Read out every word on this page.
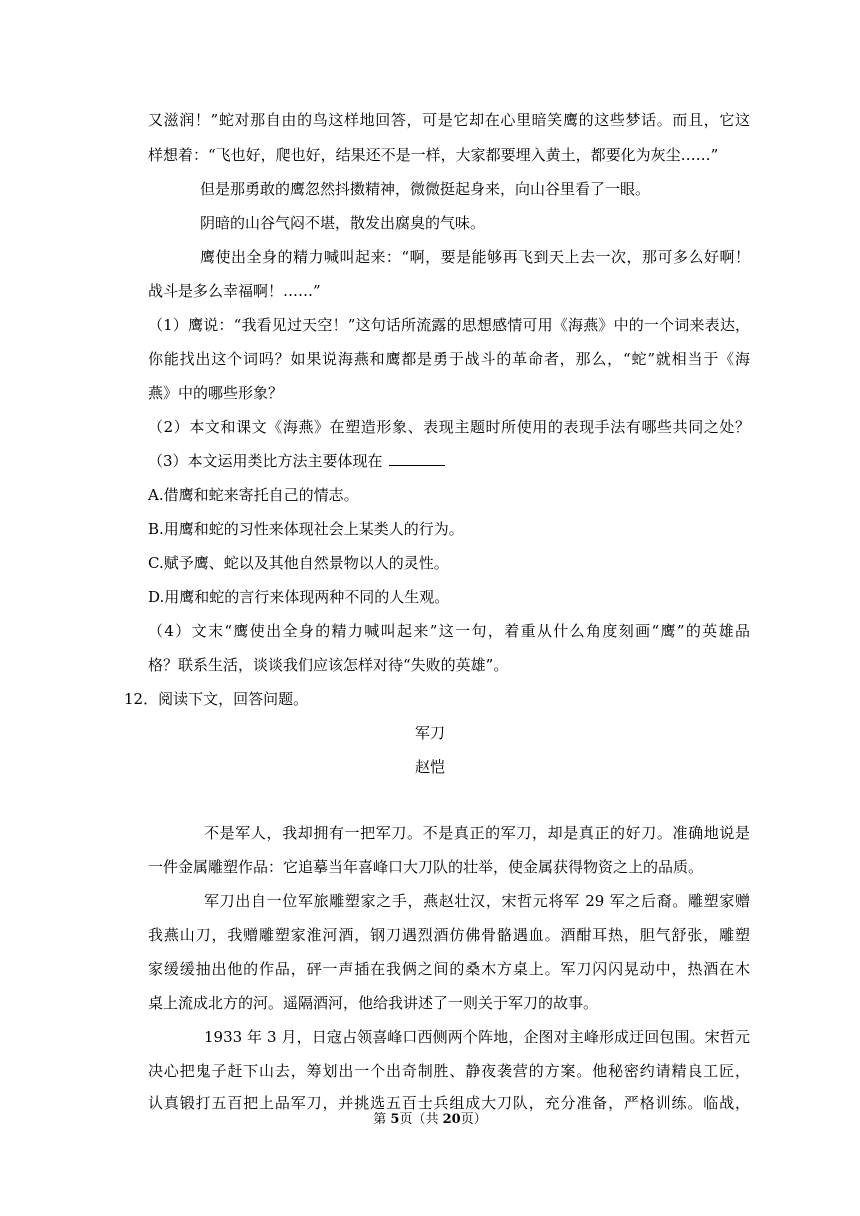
又滋润！”蛇对那自由的鸟这样地回答，可是它却在心里暗笑鹰的这些梦话。而且，它这
样想着：“飞也好，爬也好，结果还不是一样，大家都要埋入黄土，都要化为灰尘……”
但是那勇敢的鹰忽然抖擞精神，微微挺起身来，向山谷里看了一眼。
阴暗的山谷气闷不堪，散发出腐臭的气味。
鹰使出全身的精力喊叫起来：“啊，要是能够再飞到天上去一次，那可多么好啊！
战斗是多么幸福啊！……”
（1）鹰说：“我看见过天空！”这句话所流露的思想感情可用《海燕》中的一个词来表达，
你能找出这个词吗？如果说海燕和鹰都是勇于战斗的革命者，那么，“蛇”就相当于《海
燕》中的哪些形象？
（2）本文和课文《海燕》在塑造形象、表现主题时所使用的表现手法有哪些共同之处？
（3）本文运用类比方法主要体现在
A.借鹰和蛇来寄托自己的情志。
B.用鹰和蛇的习性来体现社会上某类人的行为。
C.赋予鹰、蛇以及其他自然景物以人的灵性。
D.用鹰和蛇的言行来体现两种不同的人生观。
（4）文末“鹰使出全身的精力喊叫起来”这一句，着重从什么角度刻画“鹰”的英雄品
格？联系生活，谈谈我们应该怎样对待“失败的英雄”。
12．阅读下文，回答问题。
军刀
赵恺
不是军人，我却拥有一把军刀。不是真正的军刀，却是真正的好刀。准确地说是
一件金属雕塑作品：它追摹当年喜峰口大刀队的壮举，使金属获得物资之上的品质。
军刀出自一位军旅雕塑家之手，燕赵壮汉，宋哲元将军 29 军之后裔。雕塑家赠
我燕山刀，我赠雕塑家淮河酒，钢刀遇烈酒仿佛骨骼遇血。酒酣耳热，胆气舒张，雕塑
家缓缓抽出他的作品，砰一声插在我俩之间的桑木方桌上。军刀闪闪晃动中，热酒在木
桌上流成北方的河。遥隔酒河，他给我讲述了一则关于军刀的故事。
1933 年 3 月，日寇占领喜峰口西侧两个阵地，企图对主峰形成迂回包围。宋哲元
决心把鬼子赶下山去，筹划出一个出奇制胜、静夜袭营的方案。他秘密约请精良工匠，
认真锻打五百把上品军刀，并挑选五百士兵组成大刀队，充分准备，严格训练。临战，
第 5页（共 20页）
